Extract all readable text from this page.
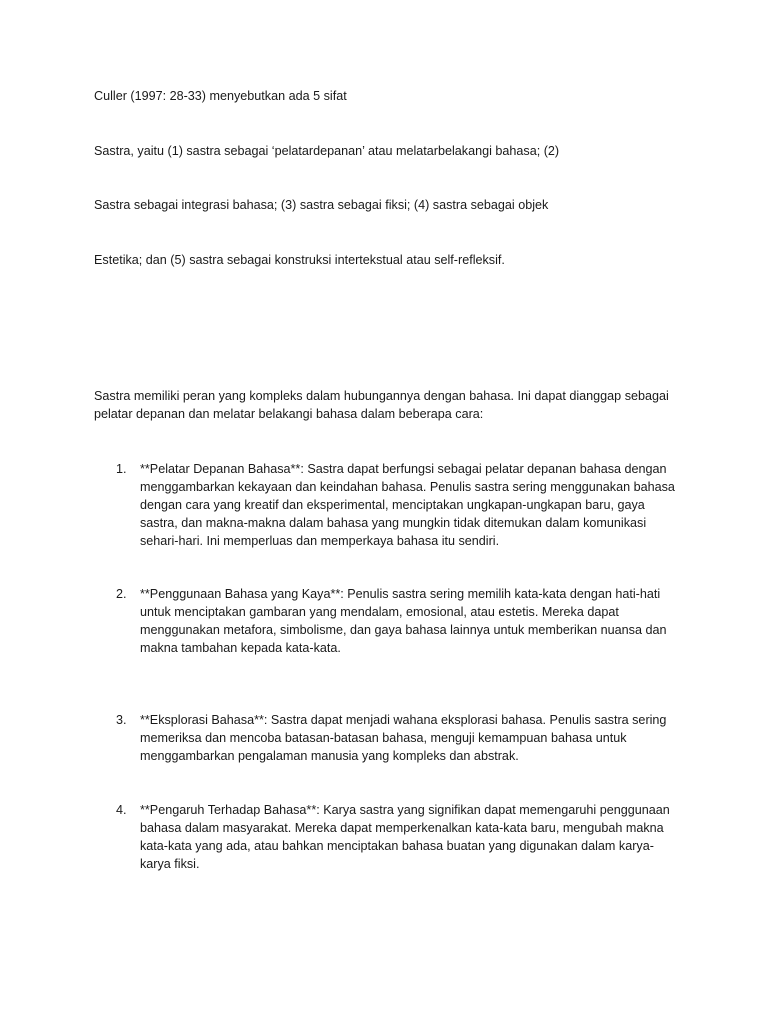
Culler (1997: 28-33) menyebutkan ada 5 sifat

Sastra, yaitu (1) sastra sebagai ‘pelatardepanan’ atau melatarbelakangi bahasa; (2)

Sastra sebagai integrasi bahasa; (3) sastra sebagai fiksi; (4) sastra sebagai objek

Estetika; dan (5) sastra sebagai konstruksi intertekstual atau self-refleksif.

Sastra memiliki peran yang kompleks dalam hubungannya dengan bahasa. Ini dapat dianggap sebagai pelatar depanan dan melatar belakangi bahasa dalam beberapa cara:

1.	**Pelatar Depanan Bahasa**: Sastra dapat berfungsi sebagai pelatar depanan bahasa dengan menggambarkan kekayaan dan keindahan bahasa. Penulis sastra sering menggunakan bahasa dengan cara yang kreatif dan eksperimental, menciptakan ungkapan-ungkapan baru, gaya sastra, dan makna-makna dalam bahasa yang mungkin tidak ditemukan dalam komunikasi sehari-hari. Ini memperluas dan memperkaya bahasa itu sendiri.
2.	**Penggunaan Bahasa yang Kaya**: Penulis sastra sering memilih kata-kata dengan hati-hati untuk menciptakan gambaran yang mendalam, emosional, atau estetis. Mereka dapat menggunakan metafora, simbolisme, dan gaya bahasa lainnya untuk memberikan nuansa dan makna tambahan kepada kata-kata.
3.	**Eksplorasi Bahasa**: Sastra dapat menjadi wahana eksplorasi bahasa. Penulis sastra sering memeriksa dan mencoba batasan-batasan bahasa, menguji kemampuan bahasa untuk menggambarkan pengalaman manusia yang kompleks dan abstrak.
4.	**Pengaruh Terhadap Bahasa**: Karya sastra yang signifikan dapat memengaruhi penggunaan bahasa dalam masyarakat. Mereka dapat memperkenalkan kata-kata baru, mengubah makna kata-kata yang ada, atau bahkan menciptakan bahasa buatan yang digunakan dalam karya-karya fiksi.
